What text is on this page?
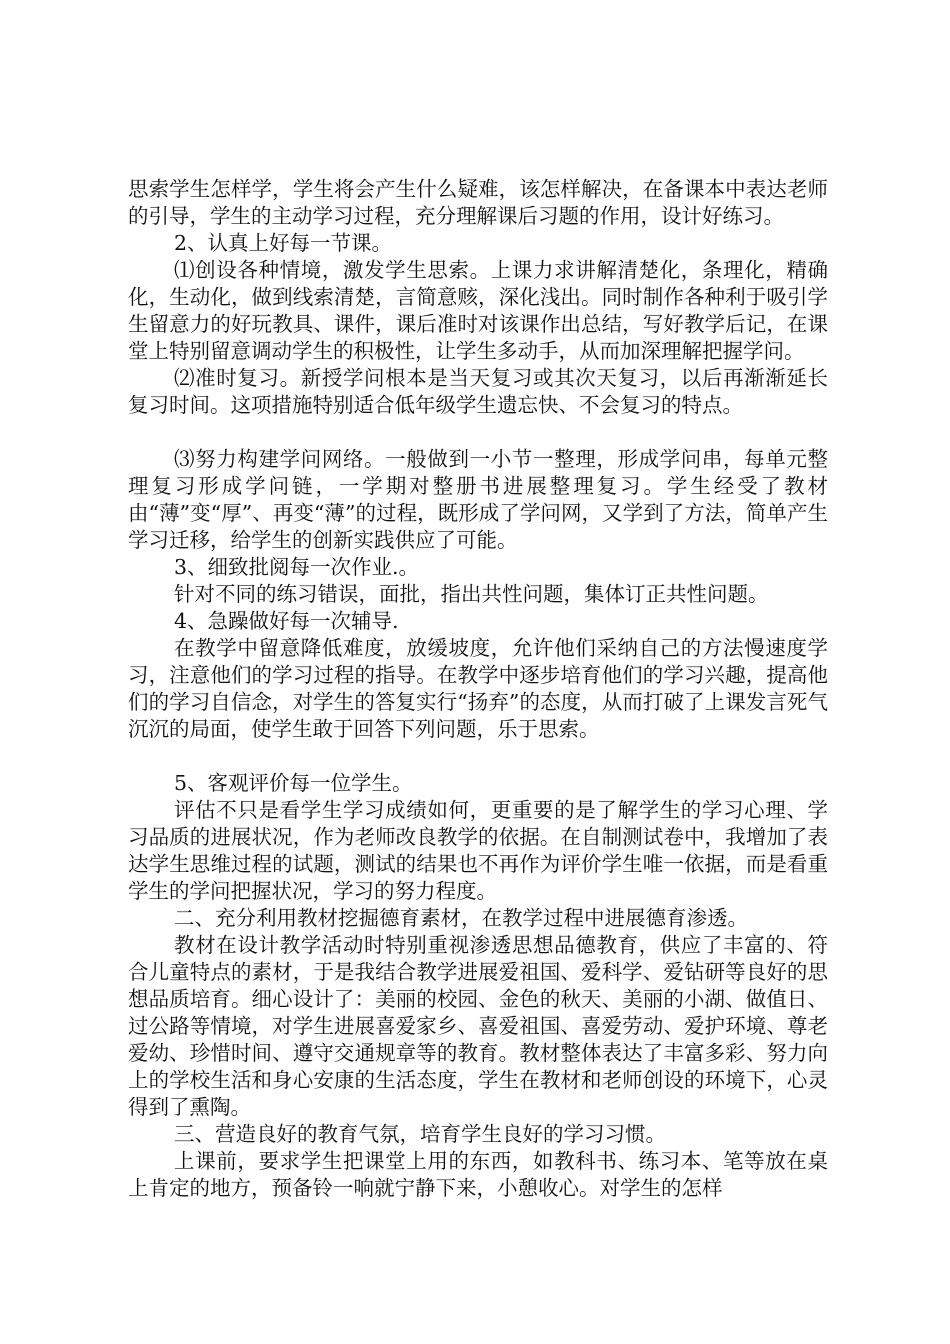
思索学生怎样学，学生将会产生什么疑难，该怎样解决，在备课本中表达老师的引导，学生的主动学习过程，充分理解课后习题的作用，设计好练习。

2、认真上好每一节课。

⑴创设各种情境，激发学生思索。上课力求讲解清楚化，条理化，精确化，生动化，做到线索清楚，言简意赅，深化浅出。同时制作各种利于吸引学生留意力的好玩教具、课件，课后准时对该课作出总结，写好教学后记，在课堂上特别留意调动学生的积极性，让学生多动手，从而加深理解把握学问。

⑵准时复习。新授学问根本是当天复习或其次天复习，以后再渐渐延长复习时间。这项措施特别适合低年级学生遗忘快、不会复习的特点。

⑶努力构建学问网络。一般做到一小节一整理，形成学问串，每单元整理复习形成学问链，一学期对整册书进展整理复习。学生经受了教材由“薄”变“厚”、再变“薄”的过程，既形成了学问网，又学到了方法，简单产生学习迁移，给学生的创新实践供应了可能。

3、细致批阅每一次作业.。

针对不同的练习错误，面批，指出共性问题，集体订正共性问题。

4、急躁做好每一次辅导.

在教学中留意降低难度，放缓坡度，允许他们采纳自己的方法慢速度学习，注意他们的学习过程的指导。在教学中逐步培育他们的学习兴趣，提高他们的学习自信念，对学生的答复实行“扬弃”的态度，从而打破了上课发言死气沉沉的局面，使学生敢于回答下列问题，乐于思索。

5、客观评价每一位学生。

评估不只是看学生学习成绩如何，更重要的是了解学生的学习心理、学习品质的进展状况，作为老师改良教学的依据。在自制测试卷中，我增加了表达学生思维过程的试题，测试的结果也不再作为评价学生唯一依据，而是看重学生的学问把握状况，学习的努力程度。

二、充分利用教材挖掘德育素材，在教学过程中进展德育渗透。

教材在设计教学活动时特别重视渗透思想品德教育，供应了丰富的、符合儿童特点的素材，于是我结合教学进展爱祖国、爱科学、爱钻研等良好的思想品质培育。细心设计了：美丽的校园、金色的秋天、美丽的小湖、做值日、过公路等情境，对学生进展喜爱家乡、喜爱祖国、喜爱劳动、爱护环境、尊老爱幼、珍惜时间、遵守交通规章等的教育。教材整体表达了丰富多彩、努力向上的学校生活和身心安康的生活态度，学生在教材和老师创设的环境下，心灵得到了熏陶。

三、营造良好的教育气氛，培育学生良好的学习习惯。

上课前，要求学生把课堂上用的东西，如教科书、练习本、笔等放在桌上肯定的地方，预备铃一响就宁静下来，小憩收心。对学生的怎样
